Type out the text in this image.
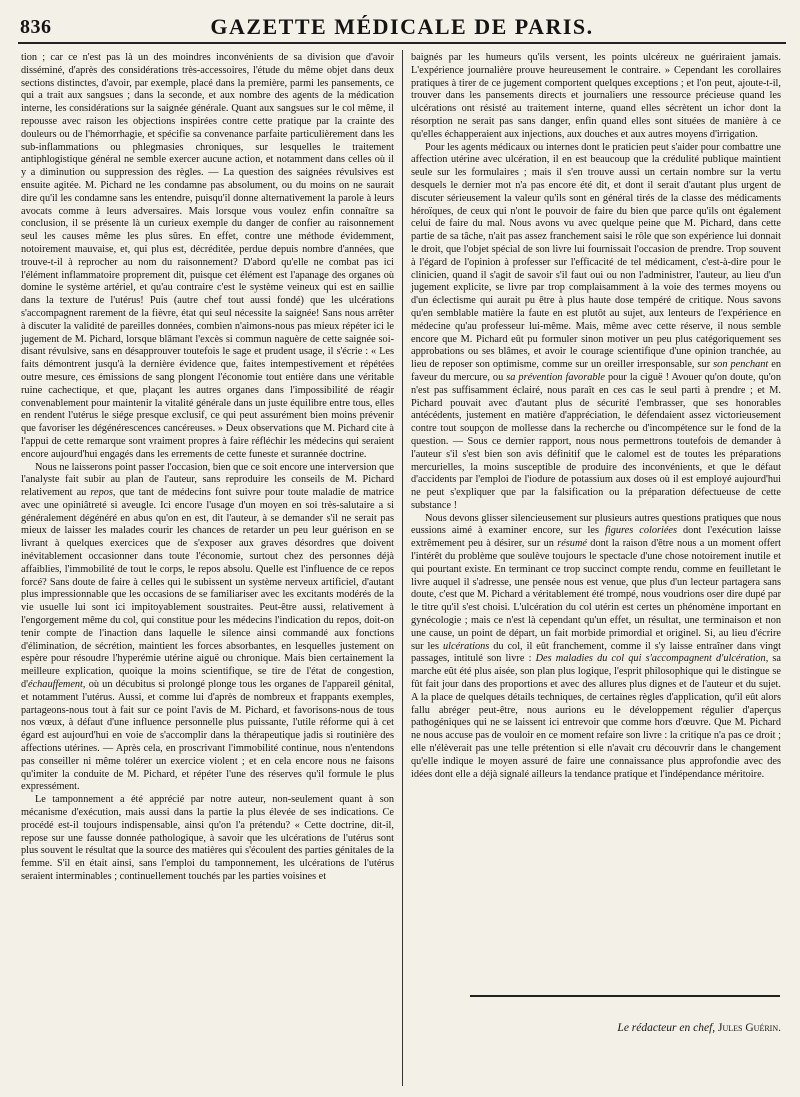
836	GAZETTE MÉDICALE DE PARIS.

tion ; car ce n'est pas là un des moindres inconvénients de sa division que d'avoir disséminé, d'après des considérations très-accessoires, l'étude du même objet dans deux sections distinctes, d'avoir, par exemple, placé dans la première, parmi les pansements, ce qui a trait aux sangsues ; dans la seconde, et aux nombre des agents de la médication interne, les considérations sur la saignée générale. Quant aux sangsues sur le col même, il repousse avec raison les objections inspirées contre cette pratique par la crainte des douleurs ou de l'hémorrhagie, et spécifie sa convenance parfaite particulièrement dans les sub-inflammations ou phlegmasies chroniques, sur lesquelles le traitement antiphlogistique général ne semble exercer aucune action, et notamment dans celles où il y a diminution ou suppression des règles. — La question des saignées révulsives est ensuite agitée. M. Pichard ne les condamne pas absolument, ou du moins on ne saurait dire qu'il les condamne sans les entendre, puisqu'il donne alternativement la parole à leurs avocats comme à leurs adversaires. Mais lorsque vous voulez enfin connaître sa conclusion, il se présente là un curieux exemple du danger de confier au raisonnement seul les causes même les plus sûres. En effet, contre une méthode évidemment, notoirement mauvaise, et, qui plus est, décréditée, perdue depuis nombre d'années, que trouve-t-il à reprocher au nom du raisonnement? D'abord qu'elle ne combat pas ici l'élément inflammatoire proprement dit, puisque cet élément est l'apanage des organes où domine le système artériel, et qu'au contraire c'est le système veineux qui est en saillie dans la texture de l'utérus! Puis (autre chef tout aussi fondé) que les ulcérations s'accompagnent rarement de la fièvre, état qui seul nécessite la saignée! Sans nous arrêter à discuter la validité de pareilles données, combien n'aimons-nous pas mieux répéter ici le jugement de M. Pichard, lorsque blâmant l'excès si commun naguère de cette saignée soi-disant révulsive, sans en désapprouver toutefois le sage et prudent usage, il s'écrie : « Les faits démontrent jusqu'à la dernière évidence que, faites intempestivement et répétées outre mesure, ces émissions de sang plongent l'économie tout entière dans une véritable ruine cachectique, et que, plaçant les autres organes dans l'impossibilité de réagir convenablement pour maintenir la vitalité générale dans un juste équilibre entre tous, elles en rendent l'utérus le siége presque exclusif, ce qui peut assurément bien moins prévenir que favoriser les dégénérescences cancéreuses. » Deux observations que M. Pichard cite à l'appui de cette remarque sont vraiment propres à faire réfléchir les médecins qui seraient encore aujourd'hui engagés dans les errements de cette funeste et surannée doctrine.

Nous ne laisserons point passer l'occasion, bien que ce soit encore une interversion que l'analyste fait subir au plan de l'auteur, sans reproduire les conseils de M. Pichard relativement au repos, que tant de médecins font suivre pour toute maladie de matrice avec une opiniâtreté si aveugle. Ici encore l'usage d'un moyen en soi très-salutaire a si généralement dégénéré en abus qu'on en est, dit l'auteur, à se demander s'il ne serait pas mieux de laisser les malades courir les chances de retarder un peu leur guérison en se livrant à quelques exercices que de s'exposer aux graves désordres que doivent inévitablement occasionner dans toute l'économie, surtout chez des personnes déjà affaiblies, l'immobilité de tout le corps, le repos absolu. Quelle est l'influence de ce repos forcé? Sans doute de faire à celles qui le subissent un système nerveux artificiel, d'autant plus impressionnable que les occasions de se familiariser avec les excitants modérés de la vie usuelle lui sont ici impitoyablement soustraites. Peut-être aussi, relativement à l'engorgement même du col, qui constitue pour les médecins l'indication du repos, doit-on tenir compte de l'inaction dans laquelle le silence ainsi commandé aux fonctions d'élimination, de sécrétion, maintient les forces absorbantes, en lesquelles justement on espère pour résoudre l'hyperémie utérine aiguë ou chronique. Mais bien certainement la meilleure explication, quoique la moins scientifique, se tire de l'état de congestion, d'échauffement, où un décubitus si prolongé plonge tous les organes de l'appareil génital, et notamment l'utérus. Aussi, et comme lui d'après de nombreux et frappants exemples, partageons-nous tout à fait sur ce point l'avis de M. Pichard, et favorisons-nous de tous nos vœux, à défaut d'une influence personnelle plus puissante, l'utile réforme qui à cet égard est aujourd'hui en voie de s'accomplir dans la thérapeutique jadis si routinière des affections utérines. — Après cela, en proscrivant l'immobilité continue, nous n'entendons pas conseiller ni même tolérer un exercice violent ; et en cela encore nous ne faisons qu'imiter la conduite de M. Pichard, et répéter l'une des réserves qu'il formule le plus expressément.

Le tamponnement a été apprécié par notre auteur, non-seulement quant à son mécanisme d'exécution, mais aussi dans la partie la plus élevée de ses indications. Ce procédé est-il toujours indispensable, ainsi qu'on l'a prétendu? « Cette doctrine, dit-il, repose sur une fausse donnée pathologique, à savoir que les ulcérations de l'utérus sont plus souvent le résultat que la source des matières qui s'écoulent des parties génitales de la femme. S'il en était ainsi, sans l'emploi du tamponnement, les ulcérations de l'utérus seraient interminables ; continuellement touchés par les parties voisines et

baignés par les humeurs qu'ils versent, les points ulcéreux ne guériraient jamais. L'expérience journalière prouve heureusement le contraire. » Cependant les corollaires pratiques à tirer de ce jugement comportent quelques exceptions ; et l'on peut, ajoute-t-il, trouver dans les pansements directs et journaliers une ressource précieuse quand les ulcérations ont résisté au traitement interne, quand elles sécrètent un ichor dont la résorption ne serait pas sans danger, enfin quand elles sont situées de manière à ce qu'elles échapperaient aux injections, aux douches et aux autres moyens d'irrigation.

Pour les agents médicaux ou internes dont le praticien peut s'aider pour combattre une affection utérine avec ulcération, il en est beaucoup que la crédulité publique maintient seule sur les formulaires ; mais il s'en trouve aussi un certain nombre sur la vertu desquels le dernier mot n'a pas encore été dit, et dont il serait d'autant plus urgent de discuter sérieusement la valeur qu'ils sont en général tirés de la classe des médicaments héroïques, de ceux qui n'ont le pouvoir de faire du bien que parce qu'ils ont également celui de faire du mal. Nous avons vu avec quelque peine que M. Pichard, dans cette partie de sa tâche, n'ait pas assez franchement saisi le rôle que son expérience lui donnait le droit, que l'objet spécial de son livre lui fournissait l'occasion de prendre. Trop souvent à l'égard de l'opinion à professer sur l'efficacité de tel médicament, c'est-à-dire pour le clinicien, quand il s'agit de savoir s'il faut oui ou non l'administrer, l'auteur, au lieu d'un jugement explicite, se livre par trop complaisamment à la voie des termes moyens ou d'un éclectisme qui aurait pu être à plus haute dose tempéré de critique. Nous savons qu'en semblable matière la faute en est plutôt au sujet, aux lenteurs de l'expérience en médecine qu'au professeur lui-même. Mais, même avec cette réserve, il nous semble encore que M. Pichard eût pu formuler sinon motiver un peu plus catégoriquement ses approbations ou ses blâmes, et avoir le courage scientifique d'une opinion tranchée, au lieu de reposer son optimisme, comme sur un oreiller irresponsable, sur son penchant en faveur du mercure, ou sa prévention favorable pour la ciguë ! Avouer qu'on doute, qu'on n'est pas suffisamment éclairé, nous paraît en ces cas le seul parti à prendre ; et M. Pichard pouvait avec d'autant plus de sécurité l'embrasser, que ses honorables antécédents, justement en matière d'appréciation, le défendaient assez victorieusement contre tout soupçon de mollesse dans la recherche ou d'incompétence sur le fond de la question. — Sous ce dernier rapport, nous nous permettrons toutefois de demander à l'auteur s'il s'est bien son avis définitif que le calomel est de toutes les préparations mercurielles, la moins susceptible de produire des inconvénients, et que le défaut d'accidents par l'emploi de l'iodure de potassium aux doses où il est employé aujourd'hui ne peut s'expliquer que par la falsification ou la préparation défectueuse de cette substance !

Nous devons glisser silencieusement sur plusieurs autres questions pratiques que nous eussions aimé à examiner encore, sur les figures coloriées dont l'exécution laisse extrêmement peu à désirer, sur un résumé dont la raison d'être nous a un moment offert l'intérêt du problème que soulève toujours le spectacle d'une chose notoirement inutile et qui pourtant existe. En terminant ce trop succinct compte rendu, comme en feuilletant le livre auquel il s'adresse, une pensée nous est venue, que plus d'un lecteur partagera sans doute, c'est que M. Pichard a véritablement été trompé, nous voudrions oser dire dupé par le titre qu'il s'est choisi. L'ulcération du col utérin est certes un phénomène important en gynécologie ; mais ce n'est là cependant qu'un effet, un résultat, une terminaison et non une cause, un point de départ, un fait morbide primordial et originel. Si, au lieu d'écrire sur les ulcérations du col, il eût franchement, comme il s'y laisse entraîner dans vingt passages, intitulé son livre : Des maladies du col qui s'accompagnent d'ulcération, sa marche eût été plus aisée, son plan plus logique, l'esprit philosophique qui le distingue se fût fait jour dans des proportions et avec des allures plus dignes et de l'auteur et du sujet. A la place de quelques détails techniques, de certaines règles d'application, qu'il eût alors fallu abréger peut-être, nous aurions eu le développement régulier d'aperçus pathogéniques qui ne se laissent ici entrevoir que comme hors d'œuvre. Que M. Pichard ne nous accuse pas de vouloir en ce moment refaire son livre : la critique n'a pas ce droit ; elle n'élèverait pas une telle prétention si elle n'avait cru découvrir dans le changement qu'elle indique le moyen assuré de faire une connaissance plus approfondie avec des idées dont elle a déjà signalé ailleurs la tendance pratique et l'indépendance méritoire.

Le rédacteur en chef, Jules Guérin.
